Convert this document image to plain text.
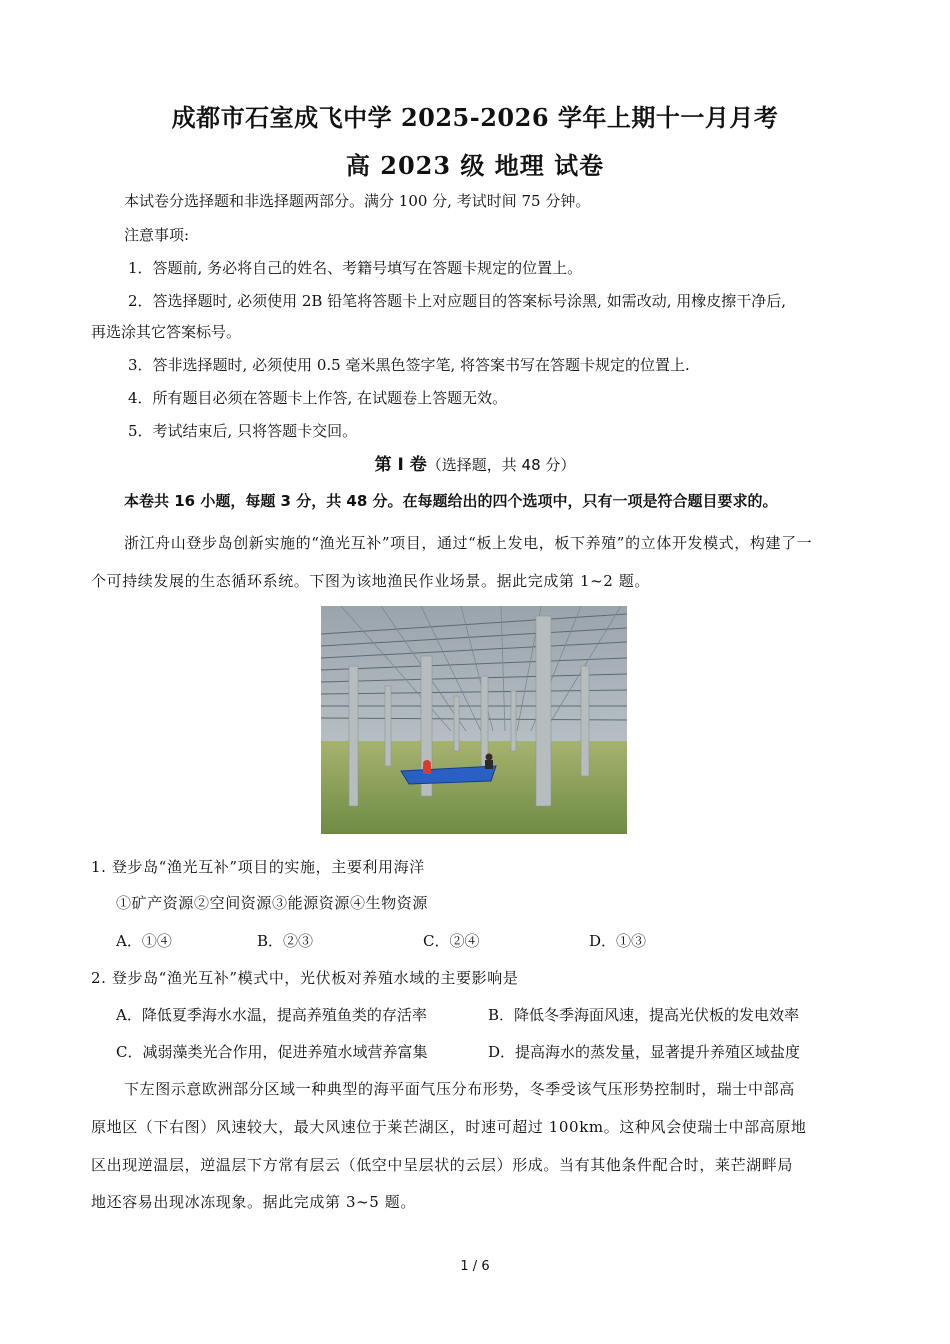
成都市石室成飞中学 2025-2026 学年上期十一月月考
高 2023 级 地理 试卷
本试卷分选择题和非选择题两部分。满分 100 分, 考试时间 75 分钟。
注意事项:
1．答题前, 务必将自己的姓名、考籍号填写在答题卡规定的位置上。
2．答选择题时, 必须使用 2B 铅笔将答题卡上对应题目的答案标号涂黑, 如需改动, 用橡皮擦干净后,
再选涂其它答案标号。
3．答非选择题时, 必须使用 0.5 毫米黑色签字笔, 将答案书写在答题卡规定的位置上.
4．所有题目必须在答题卡上作答, 在试题卷上答题无效。
5．考试结束后, 只将答题卡交回。
第 I 卷（选择题，共 48 分）
本卷共 16 小题，每题 3 分，共 48 分。在每题给出的四个选项中，只有一项是符合题目要求的。
浙江舟山登步岛创新实施的“渔光互补”项目，通过“板上发电，板下养殖”的立体开发模式，构建了一
个可持续发展的生态循环系统。下图为该地渔民作业场景。据此完成第 1~2 题。
1. 登步岛“渔光互补”项目的实施，主要利用海洋
①矿产资源②空间资源③能源资源④生物资源
A．①④	B．②③	C．②④	D．①③
2. 登步岛“渔光互补”模式中，光伏板对养殖水域的主要影响是
A．降低夏季海水水温，提高养殖鱼类的存活率	B．降低冬季海面风速，提高光伏板的发电效率
C．减弱藻类光合作用，促进养殖水域营养富集	D．提高海水的蒸发量，显著提升养殖区域盐度
下左图示意欧洲部分区域一种典型的海平面气压分布形势，冬季受该气压形势控制时，瑞士中部高
原地区（下右图）风速较大，最大风速位于莱芒湖区，时速可超过 100km。这种风会使瑞士中部高原地
区出现逆温层，逆温层下方常有层云（低空中呈层状的云层）形成。当有其他条件配合时，莱芒湖畔局
地还容易出现冰冻现象。据此完成第 3~5 题。
1 / 6
